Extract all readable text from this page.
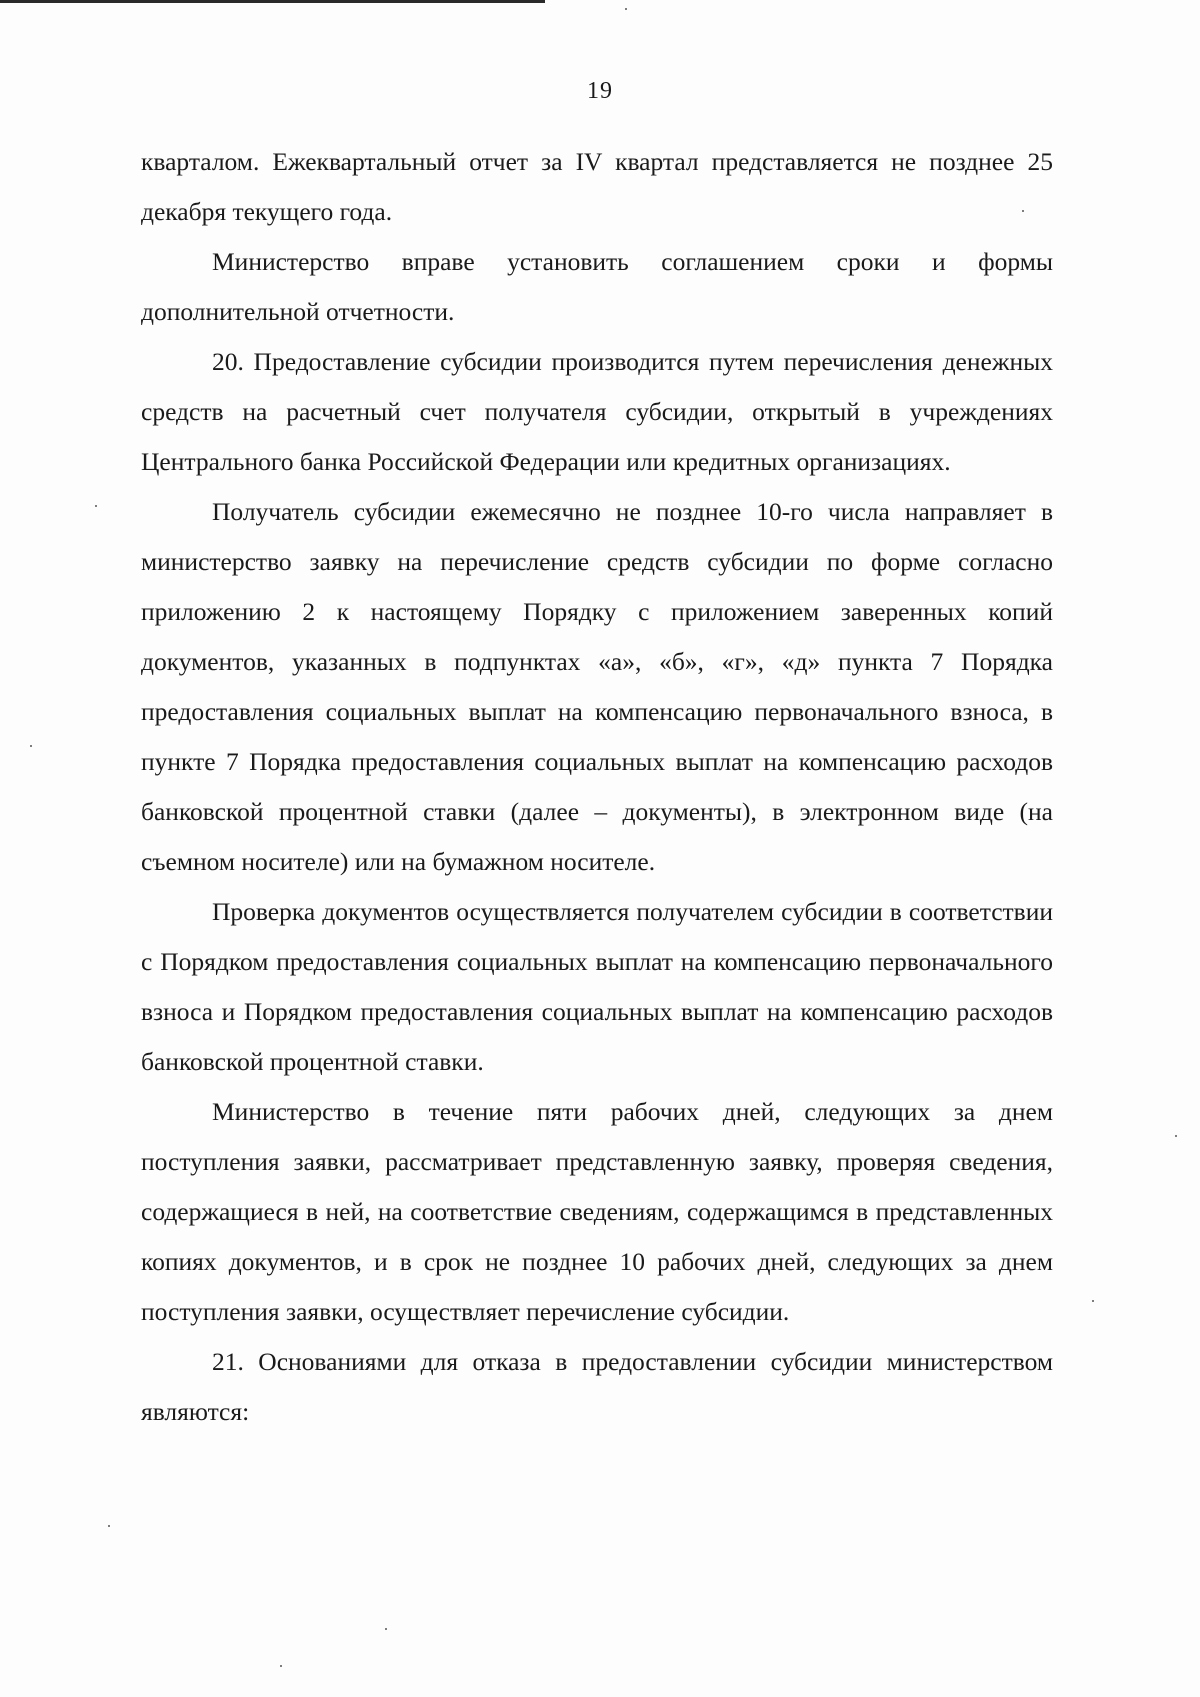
19

кварталом. Ежеквартальный отчет за IV квартал представляется не позднее 25 декабря текущего года.

Министерство вправе установить соглашением сроки и формы дополнительной отчетности.

20. Предоставление субсидии производится путем перечисления денежных средств на расчетный счет получателя субсидии, открытый в учреждениях Центрального банка Российской Федерации или кредитных организациях.

Получатель субсидии ежемесячно не позднее 10-го числа направляет в министерство заявку на перечисление средств субсидии по форме согласно приложению 2 к настоящему Порядку с приложением заверенных копий документов, указанных в подпунктах «а», «б», «г», «д» пункта 7 Порядка предоставления социальных выплат на компенсацию первоначального взноса, в пункте 7 Порядка предоставления социальных выплат на компенсацию расходов банковской процентной ставки (далее – документы), в электронном виде (на съемном носителе) или на бумажном носителе.

Проверка документов осуществляется получателем субсидии в соответствии с Порядком предоставления социальных выплат на компенсацию первоначального взноса и Порядком предоставления социальных выплат на компенсацию расходов банковской процентной ставки.

Министерство в течение пяти рабочих дней, следующих за днем поступления заявки, рассматривает представленную заявку, проверяя сведения, содержащиеся в ней, на соответствие сведениям, содержащимся в представленных копиях документов, и в срок не позднее 10 рабочих дней, следующих за днем поступления заявки, осуществляет перечисление субсидии.

21. Основаниями для отказа в предоставлении субсидии министерством являются:
